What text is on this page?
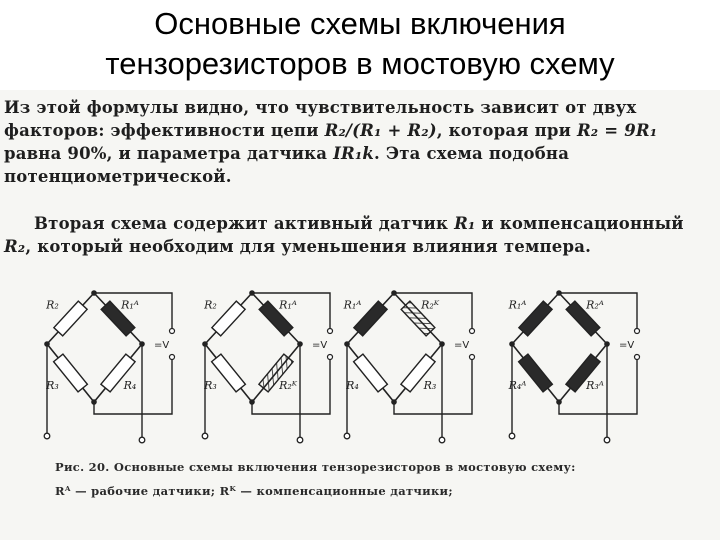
Основные схемы включения
тензорезисторов в мостовую схему
Из этой формулы видно, что чувствительность зависит от двух факторов: эффективности цепи R₂/(R₁ + R₂), которая при R₂ = 9R₁ равна 90%, и параметра датчика IR₁k. Эта схема подобна потенциометрической.
Вторая схема содержит активный датчик R₁ и компенсационный R₂, который необходим для уменьшения влияния темпера.
R₂	R₁ᴬ
R₃	R₄
=V
R₂	R₁ᴬ
R₃	R₂ᴷ
=V
R₁ᴬ	R₂ᴷ
R₄	R₃
=V
R₁ᴬ	R₂ᴬ
R₄ᴬ	R₃ᴬ
=V
Рис. 20. Основные схемы включения тензорезисторов в мостовую схему:
Rᴬ — рабочие датчики; Rᴷ — компенсационные датчики;
